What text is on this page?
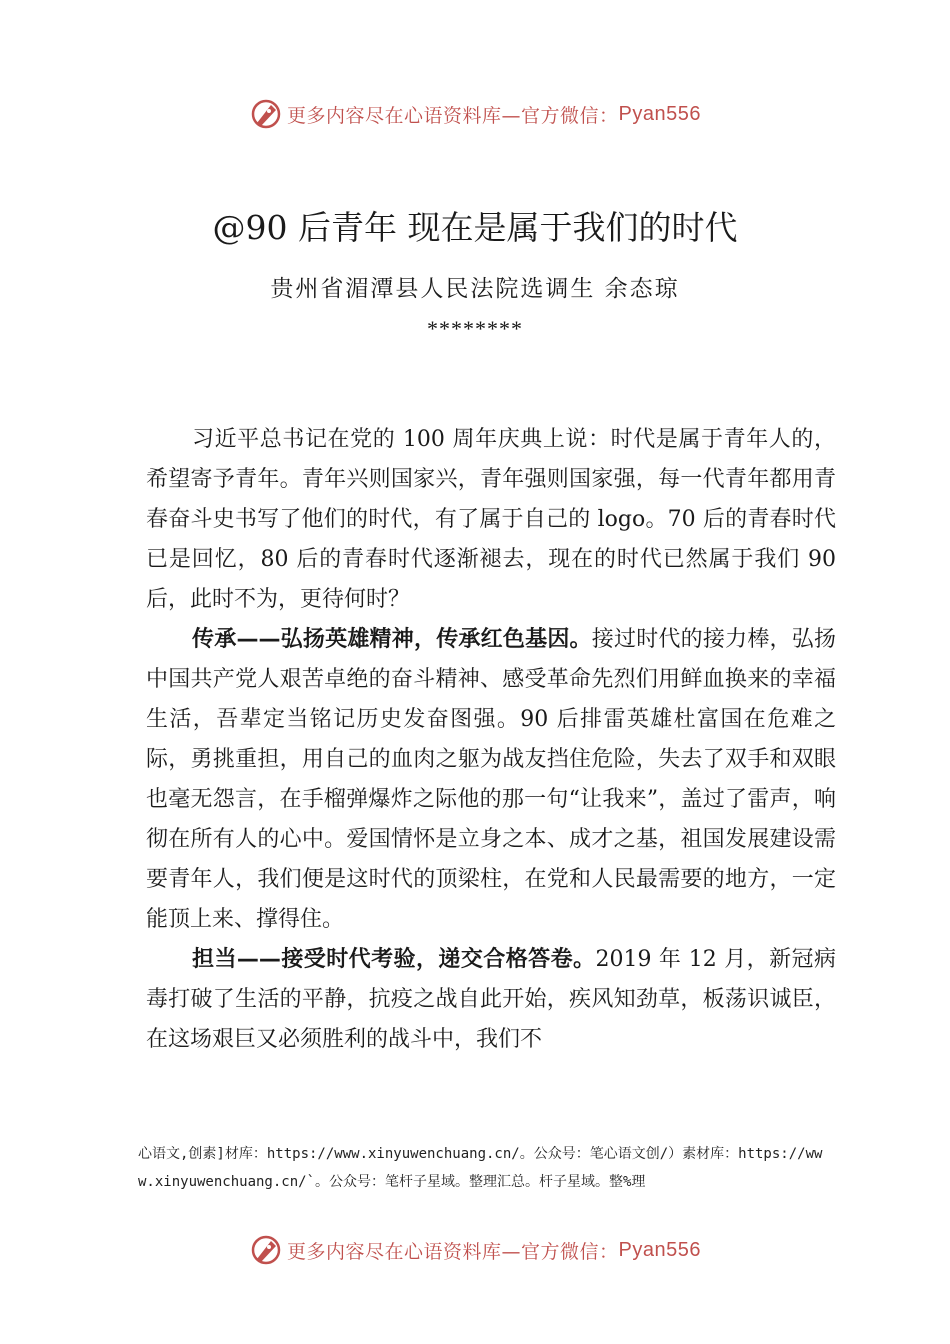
更多内容尽在心语资料库—官方微信： Pyan556
@90 后青年 现在是属于我们的时代
贵州省湄潭县人民法院选调生 余态琼
********

习近平总书记在党的 100 周年庆典上说：时代是属于青年人的，希望寄予青年。青年兴则国家兴，青年强则国家强，每一代青年都用青春奋斗史书写了他们的时代，有了属于自己的 logo。70 后的青春时代已是回忆，80 后的青春时代逐渐褪去，现在的时代已然属于我们 90 后，此时不为，更待何时？

传承——弘扬英雄精神，传承红色基因。接过时代的接力棒，弘扬中国共产党人艰苦卓绝的奋斗精神、感受革命先烈们用鲜血换来的幸福生活，吾辈定当铭记历史发奋图强。90 后排雷英雄杜富国在危难之际，勇挑重担，用自己的血肉之躯为战友挡住危险，失去了双手和双眼也毫无怨言，在手榴弹爆炸之际他的那一句“让我来”，盖过了雷声，响彻在所有人的心中。爱国情怀是立身之本、成才之基，祖国发展建设需要青年人，我们便是这时代的顶梁柱，在党和人民最需要的地方，一定能顶上来、撑得住。

担当——接受时代考验，递交合格答卷。2019 年 12 月，新冠病毒打破了生活的平静，抗疫之战自此开始，疾风知劲草，板荡识诚臣，在这场艰巨又必须胜利的战斗中，我们不

心语文,创素]材库：https://www.xinyuwenchuang.cn/。公众号：笔心语文创/）素材库：https://www.xinyuwenchuang.cn/`。公众号：笔杆子星域。整理汇总。杆子星域。整%理
更多内容尽在心语资料库—官方微信： Pyan556
